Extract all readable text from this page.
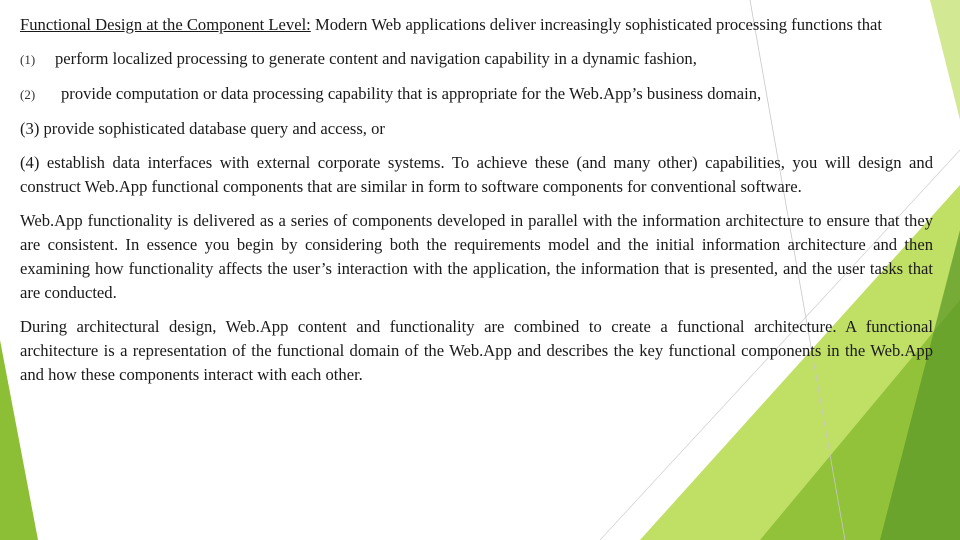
Functional Design at the Component Level: Modern Web applications deliver increasingly sophisticated processing functions that

(1)	perform localized processing to generate content and navigation capability in a dynamic fashion,
(2)	provide computation or data processing capability that is appropriate for the Web.App’s business domain,

(3) provide sophisticated database query and access, or

(4) establish data interfaces with external corporate systems. To achieve these (and many other) capabilities, you will design and construct Web.App functional components that are similar in form to software components for conventional software.

Web.App functionality is delivered as a series of components developed in parallel with the information architecture to ensure that they are consistent. In essence you begin by considering both the requirements model and the initial information architecture and then examining how functionality affects the user’s interaction with the application, the information that is presented, and the user tasks that are conducted.

During architectural design, Web.App content and functionality are combined to create a functional architecture. A functional architecture is a representation of the functional domain of the Web.App and describes the key functional components in the Web.App and how these components interact with each other.
